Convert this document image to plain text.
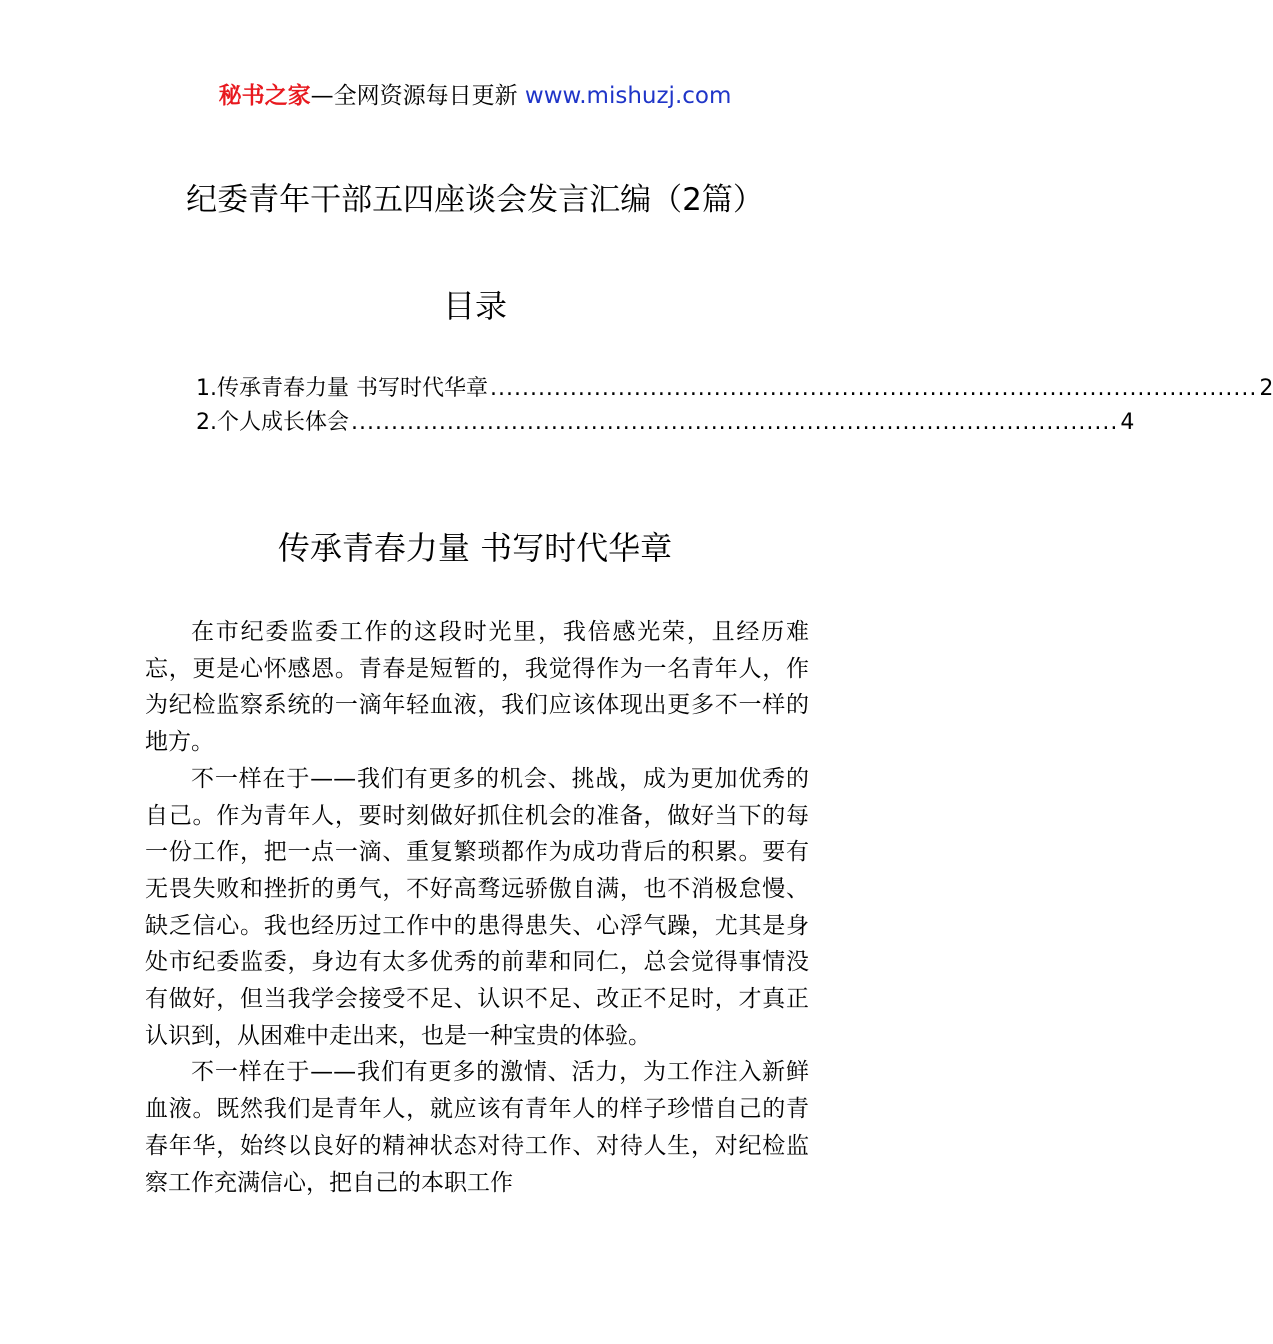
秘书之家—全网资源每日更新 www.mishuzj.com
纪委青年干部五四座谈会发言汇编（2篇）
目录
1.传承青春力量 书写时代华章 ................................................................................................ 2
2.个人成长体会 ................................................................................................ 4
传承青春力量 书写时代华章

在市纪委监委工作的这段时光里，我倍感光荣，且经历难忘，更是心怀感恩。青春是短暂的，我觉得作为一名青年人，作为纪检监察系统的一滴年轻血液，我们应该体现出更多不一样的地方。

不一样在于——我们有更多的机会、挑战，成为更加优秀的自己。作为青年人，要时刻做好抓住机会的准备，做好当下的每一份工作，把一点一滴、重复繁琐都作为成功背后的积累。要有无畏失败和挫折的勇气，不好高骛远骄傲自满，也不消极怠慢、缺乏信心。我也经历过工作中的患得患失、心浮气躁，尤其是身处市纪委监委，身边有太多优秀的前辈和同仁，总会觉得事情没有做好，但当我学会接受不足、认识不足、改正不足时，才真正认识到，从困难中走出来，也是一种宝贵的体验。

不一样在于——我们有更多的激情、活力，为工作注入新鲜血液。既然我们是青年人，就应该有青年人的样子珍惜自己的青春年华，始终以良好的精神状态对待工作、对待人生，对纪检监察工作充满信心，把自己的本职工作
